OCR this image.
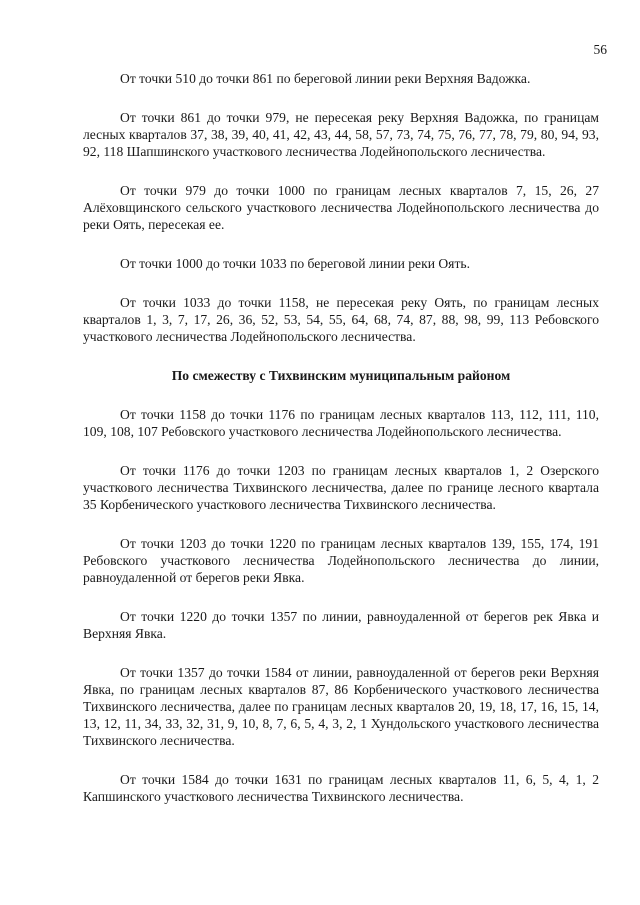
56

От точки 510 до точки 861 по береговой линии реки Верхняя Вадожка.

От точки 861 до точки 979, не пересекая реку Верхняя Вадожка, по границам лесных кварталов 37, 38, 39, 40, 41, 42, 43, 44, 58, 57, 73, 74, 75, 76, 77, 78, 79, 80, 94, 93, 92, 118 Шапшинского участкового лесничества Лодейнопольского лесничества.

От точки 979 до точки 1000 по границам лесных кварталов 7, 15, 26, 27 Алёховщинского сельского участкового лесничества Лодейнопольского лесничества до реки Оять, пересекая ее.

От точки 1000 до точки 1033 по береговой линии реки Оять.

От точки 1033 до точки 1158, не пересекая реку Оять, по границам лесных кварталов 1, 3, 7, 17, 26, 36, 52, 53, 54, 55, 64, 68, 74, 87, 88, 98, 99, 113 Ребовского участкового лесничества Лодейнопольского лесничества.

По смежеству с Тихвинским муниципальным районом

От точки 1158 до точки 1176 по границам лесных кварталов 113, 112, 111, 110, 109, 108, 107 Ребовского участкового лесничества Лодейнопольского лесничества.

От точки 1176 до точки 1203 по границам лесных кварталов 1, 2 Озерского участкового лесничества Тихвинского лесничества, далее по границе лесного квартала 35 Корбенического участкового лесничества Тихвинского лесничества.

От точки 1203 до точки 1220 по границам лесных кварталов 139, 155, 174, 191 Ребовского участкового лесничества Лодейнопольского лесничества до линии, равноудаленной от берегов реки Явка.

От точки 1220 до точки 1357 по линии, равноудаленной от берегов рек Явка и Верхняя Явка.

От точки 1357 до точки 1584 от линии, равноудаленной от берегов реки Верхняя Явка, по границам лесных кварталов 87, 86 Корбенического участкового лесничества Тихвинского лесничества, далее по границам лесных кварталов 20, 19, 18, 17, 16, 15, 14, 13, 12, 11, 34, 33, 32, 31, 9, 10, 8, 7, 6, 5, 4, 3, 2, 1 Хундольского участкового лесничества Тихвинского лесничества.

От точки 1584 до точки 1631 по границам лесных кварталов 11, 6, 5, 4, 1, 2 Капшинского участкового лесничества Тихвинского лесничества.
